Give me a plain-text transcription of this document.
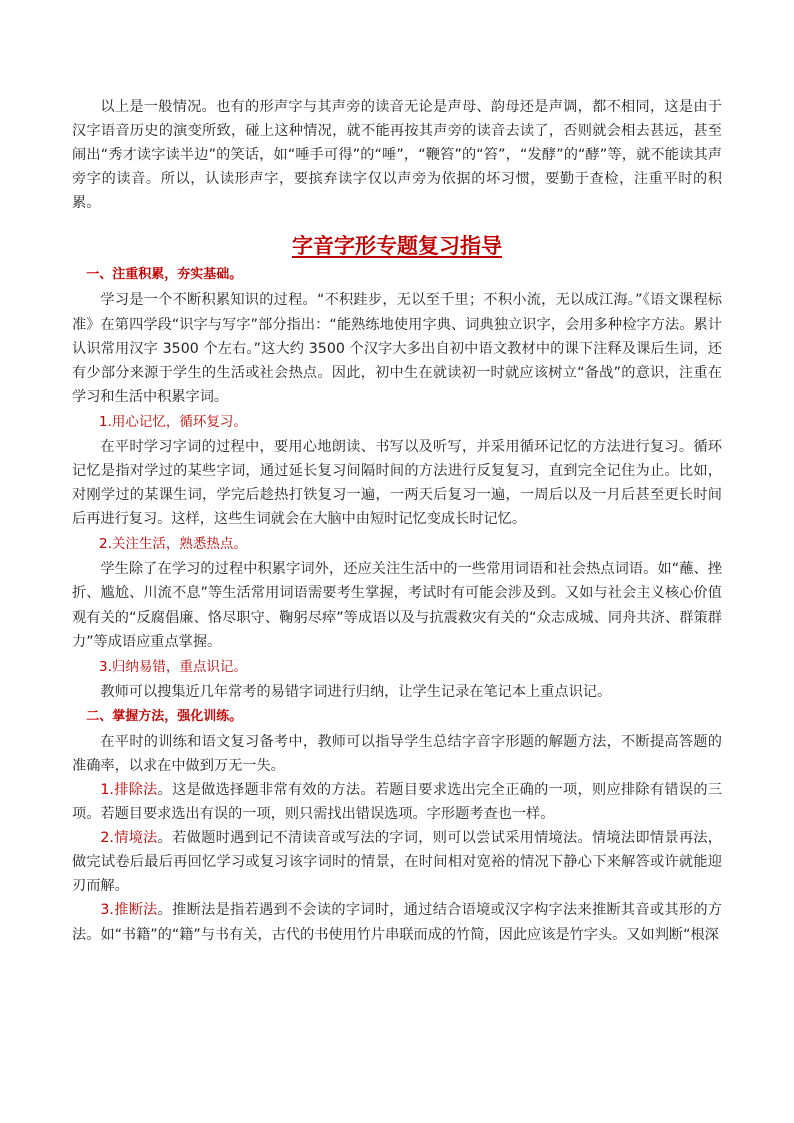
以上是一般情况。也有的形声字与其声旁的读音无论是声母、韵母还是声调，都不相同，这是由于汉字语音历史的演变所致，碰上这种情况，就不能再按其声旁的读音去读了，否则就会相去甚远，甚至闹出“秀才读字读半边”的笑话，如“唾手可得”的“唾”，“鞭笞”的“笞”，“发酵”的“酵”等，就不能读其声旁字的读音。所以，认读形声字，要摈弃读字仅以声旁为依据的坏习惯，要勤于查检，注重平时的积累。

字音字形专题复习指导
一、注重积累，夯实基础。

学习是一个不断积累知识的过程。“不积跬步，无以至千里；不积小流，无以成江海。”《语文课程标准》在第四学段“识字与写字”部分指出：“能熟练地使用字典、词典独立识字，会用多种检字方法。累计认识常用汉字 3500 个左右。”这大约 3500 个汉字大多出自初中语文教材中的课下注释及课后生词，还有少部分来源于学生的生活或社会热点。因此，初中生在就读初一时就应该树立“备战”的意识，注重在学习和生活中积累字词。

1.用心记忆，循环复习。

在平时学习字词的过程中，要用心地朗读、书写以及听写，并采用循环记忆的方法进行复习。循环记忆是指对学过的某些字词，通过延长复习间隔时间的方法进行反复复习，直到完全记住为止。比如，对刚学过的某课生词，学完后趁热打铁复习一遍，一两天后复习一遍，一周后以及一月后甚至更长时间后再进行复习。这样，这些生词就会在大脑中由短时记忆变成长时记忆。

2.关注生活，熟悉热点。

学生除了在学习的过程中积累字词外，还应关注生活中的一些常用词语和社会热点词语。如“蘸、挫折、尴尬、川流不息”等生活常用词语需要考生掌握，考试时有可能会涉及到。又如与社会主义核心价值观有关的“反腐倡廉、恪尽职守、鞠躬尽瘁”等成语以及与抗震救灾有关的“众志成城、同舟共济、群策群力”等成语应重点掌握。

3.归纳易错，重点识记。

教师可以搜集近几年常考的易错字词进行归纳，让学生记录在笔记本上重点识记。

二、掌握方法，强化训练。

在平时的训练和语文复习备考中，教师可以指导学生总结字音字形题的解题方法，不断提高答题的准确率，以求在中做到万无一失。

1.排除法。这是做选择题非常有效的方法。若题目要求选出完全正确的一项，则应排除有错误的三项。若题目要求选出有误的一项，则只需找出错误选项。字形题考查也一样。

2.情境法。若做题时遇到记不清读音或写法的字词，则可以尝试采用情境法。情境法即情景再法，做完试卷后最后再回忆学习或复习该字词时的情景，在时间相对宽裕的情况下静心下来解答或许就能迎刃而解。

3.推断法。推断法是指若遇到不会读的字词时，通过结合语境或汉字构字法来推断其音或其形的方法。如“书籍”的“籍”与书有关，古代的书使用竹片串联而成的竹简，因此应该是竹字头。又如判断“根深
